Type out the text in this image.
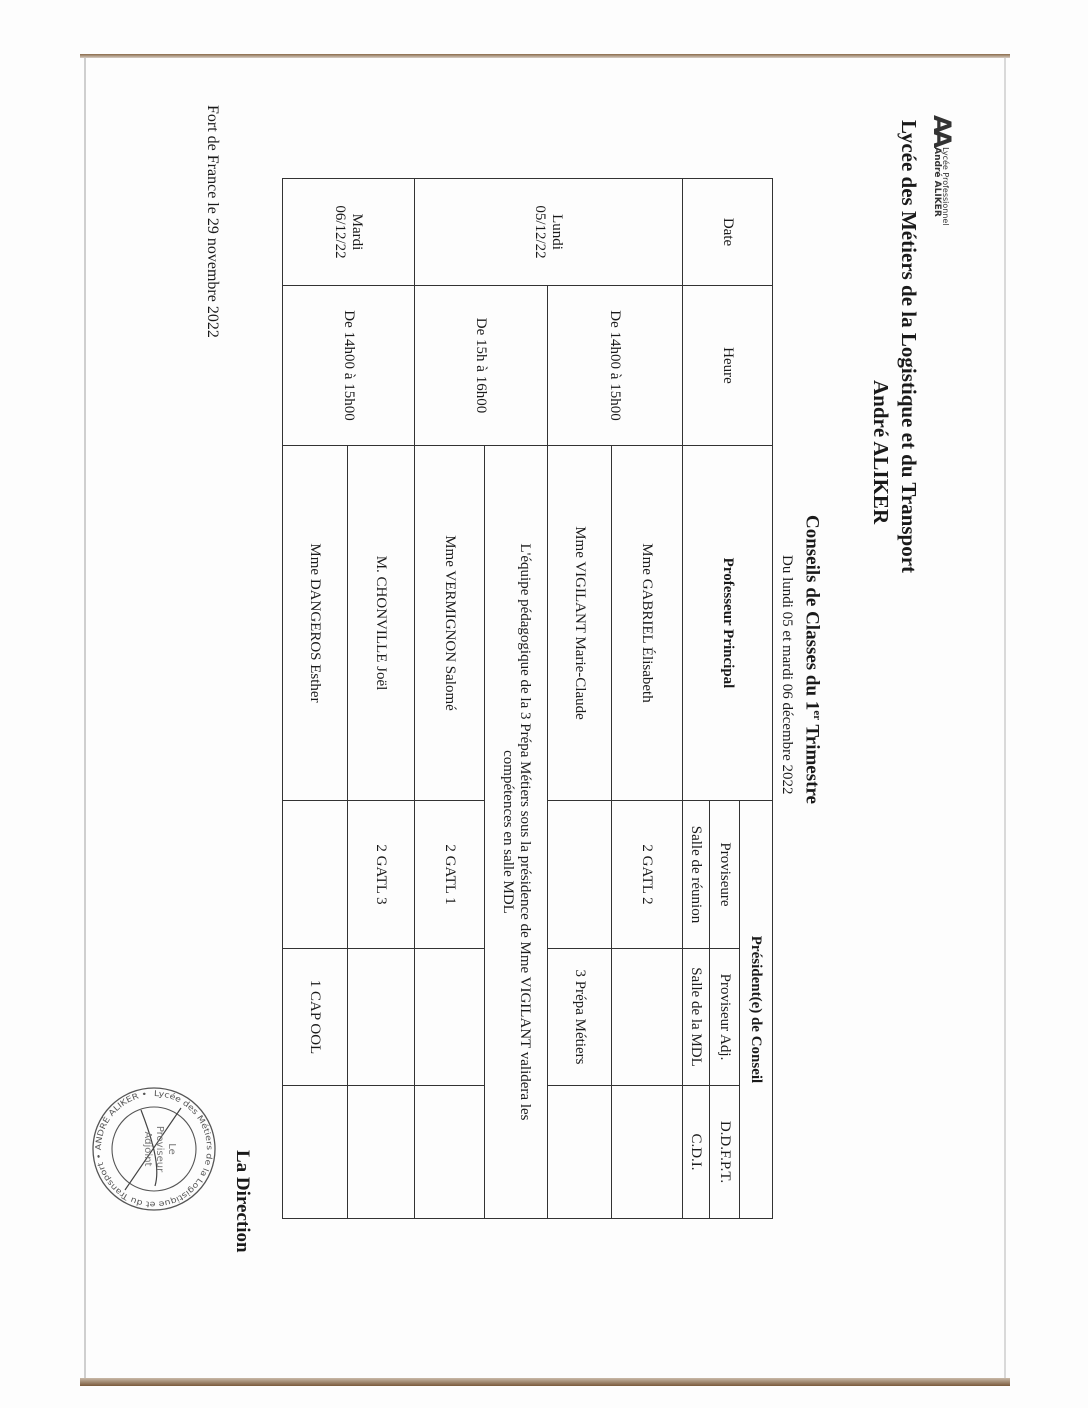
AA
Lycée Professionnel
André ALIKER
Lycée des Métiers de la Logistique et du Transport
André ALIKER
Conseils de Classes du 1er Trimestre
Du lundi 05 et mardi 06 décembre 2022
Date	Heure	Professeur Principal	Président(e) de Conseil		
			Proviseure	Proviseur Adj.	D.D.F.P.T.
			Salle de réunion	Salle de la MDL	C.D.I.
Lundi
05/12/22	De 14h00 à 15h00	Mme GABRIEL Élisabeth	2 GATL 2		
		Mme VIGILANT Marie-Claude		3 Prépa Métiers	
	De 15h à 16h00	L'équipe pédagogique de la 3 Prépa Métiers sous la présidence de Mme VIGILANT validera les compétences en salle MDL			
		Mme VERMIGNON Salomé	2 GATL 1		
Mardi
06/12/22	De 14h00 à 15h00	M. CHONVILLE Joël	2 GATL 3		
		Mme DANGEROS Esther		1 CAP OOL	
Fort de France le 29 novembre 2022
La Direction
Lycée des Métiers de la Logistique et du Transport • ANDRÉ ALIKER •
Le Proviseur Adjoint
